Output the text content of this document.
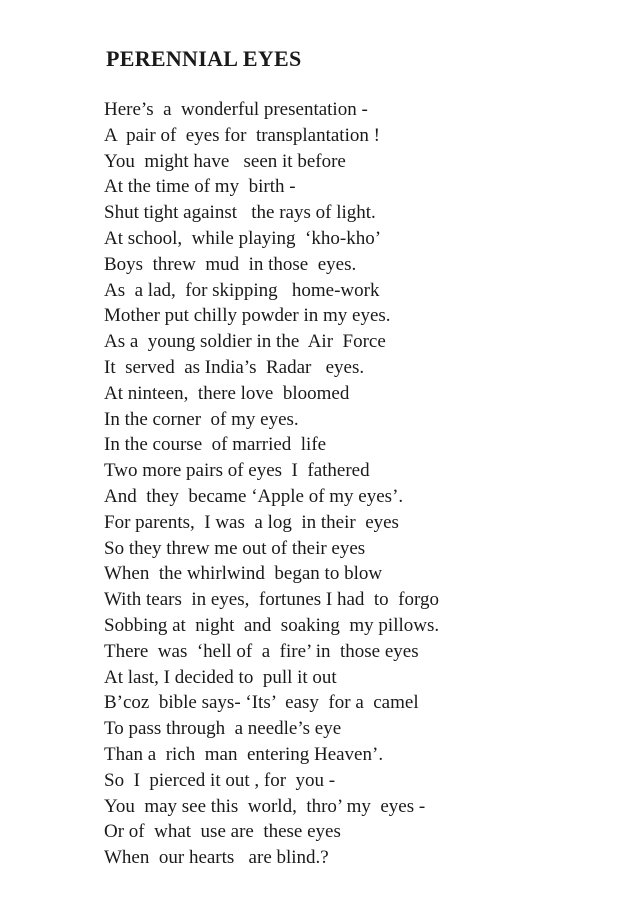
PERENNIAL EYES
Here’s  a  wonderful presentation -
A  pair of  eyes for  transplantation !
You  might have   seen it before
At the time of my  birth -
Shut tight against   the rays of light.
At school,  while playing  ‘kho-kho’
Boys  threw  mud  in those  eyes.
As  a lad,  for skipping   home-work
Mother put chilly powder in my eyes.
As a  young soldier in the  Air  Force
It  served  as India’s  Radar   eyes.
At ninteen,  there love  bloomed
In the corner  of my eyes.
In the course  of married  life
Two more pairs of eyes  I  fathered
And  they  became ‘Apple of my eyes’.
For parents,  I was  a log  in their  eyes
So they threw me out of their eyes
When  the whirlwind  began to blow
With tears  in eyes,  fortunes I had  to  forgo
Sobbing at  night  and  soaking  my pillows.
There  was  ‘hell of  a  fire’ in  those eyes
At last, I decided to  pull it out
B’coz  bible says- ‘Its’  easy  for a  camel
To pass through  a needle’s eye
Than a  rich  man  entering Heaven’.
So  I  pierced it out , for  you -
You  may see this  world,  thro’ my  eyes -
Or of  what  use are  these eyes
When  our hearts   are blind.?
